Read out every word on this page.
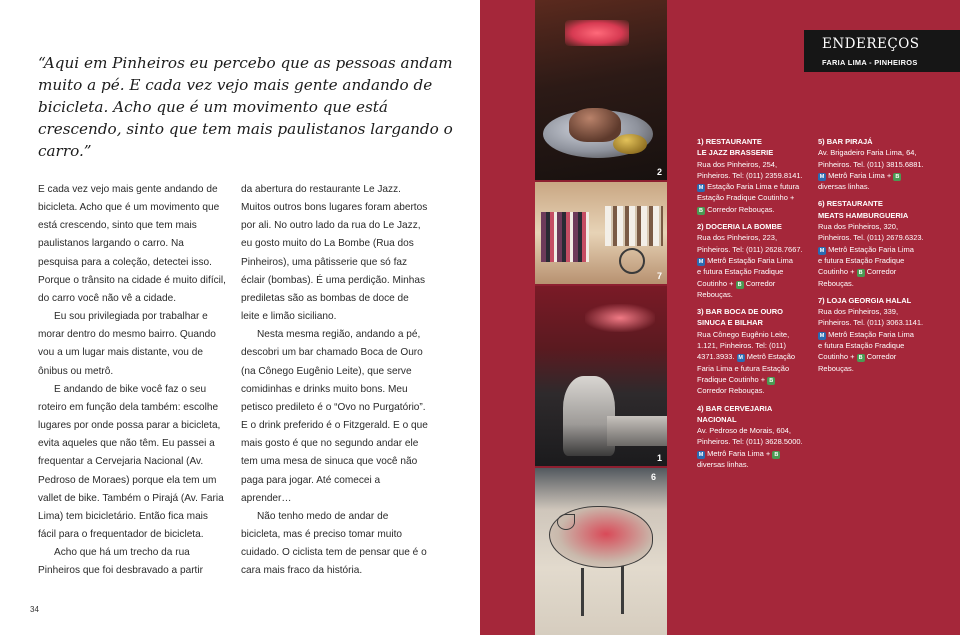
“Aqui em Pinheiros eu percebo que as pessoas andam muito a pé. E cada vez vejo mais gente andando de bicicleta. Acho que é um movimento que está crescendo, sinto que tem mais paulistanos largando o carro.”

E cada vez vejo mais gente andando de bicicleta. Acho que é um movimento que está crescendo, sinto que tem mais paulistanos largando o carro. Na pesquisa para a coleção, detectei isso. Porque o trânsito na cidade é muito difícil, do carro você não vê a cidade.

Eu sou privilegiada por trabalhar e morar dentro do mesmo bairro. Quando vou a um lugar mais distante, vou de ônibus ou metrô.

E andando de bike você faz o seu roteiro em função dela também: escolhe lugares por onde possa parar a bicicleta, evita aqueles que não têm. Eu passei a frequentar a Cervejaria Nacional (Av. Pedroso de Moraes) porque ela tem um vallet de bike. Também o Pirajá (Av. Faria Lima) tem bicicletário. Então fica mais fácil para o frequentador de bicicleta.

Acho que há um trecho da rua Pinheiros que foi desbravado a partir

da abertura do restaurante Le Jazz. Muitos outros bons lugares foram abertos por ali. No outro lado da rua do Le Jazz, eu gosto muito do La Bombe (Rua dos Pinheiros), uma pâtisserie que só faz éclair (bombas). É uma perdição. Minhas prediletas são as bombas de doce de leite e limão siciliano.

Nesta mesma região, andando a pé, descobri um bar chamado Boca de Ouro (na Cônego Eugênio Leite), que serve comidinhas e drinks muito bons. Meu petisco predileto é o “Ovo no Purgatório”. E o drink preferido é o Fitzgerald. E o que mais gosto é que no segundo andar ele tem uma mesa de sinuca que você não paga para jogar. Até comecei a aprender…

Não tenho medo de andar de bicicleta, mas é preciso tomar muito cuidado. O ciclista tem de pensar que é o cara mais fraco da história.

34
2
7
1
6
ENDEREÇOS
FARIA LIMA - PINHEIROS
1) RESTAURANTE
LE JAZZ BRASSERIE
Rua dos Pinheiros, 254,
Pinheiros. Tel: (011) 2359.8141.
M Estação Faria Lima e futura
Estação Fradique Coutinho +
B Corredor Rebouças.
2) DOCERIA LA BOMBE
Rua dos Pinheiros, 223,
Pinheiros. Tel: (011) 2628.7667.
M Metrô Estação Faria Lima
e futura Estação Fradique
Coutinho + B Corredor
Rebouças.
3) BAR BOCA DE OURO
SINUCA E BILHAR
Rua Cônego Eugênio Leite,
1.121, Pinheiros. Tel: (011)
4371.3933. M Metrô Estação
Faria Lima e futura Estação
Fradique Coutinho + B
Corredor Rebouças.
4) BAR CERVEJARIA
NACIONAL
Av. Pedroso de Morais, 604,
Pinheiros. Tel: (011) 3628.5000.
M Metrô Faria Lima + B
diversas linhas.
5) BAR PIRAJÁ
Av. Brigadeiro Faria Lima, 64,
Pinheiros. Tel. (011) 3815.6881.
M Metrô Faria Lima + B
diversas linhas.
6) RESTAURANTE
MEATS HAMBURGUERIA
Rua dos Pinheiros, 320,
Pinheiros. Tel. (011) 2679.6323.
M Metrô Estação Faria Lima
e futura Estação Fradique
Coutinho + B Corredor
Rebouças.
7) LOJA GEORGIA HALAL
Rua dos Pinheiros, 339,
Pinheiros. Tel. (011) 3063.1141.
M Metrô Estação Faria Lima
e futura Estação Fradique
Coutinho + B Corredor
Rebouças.
